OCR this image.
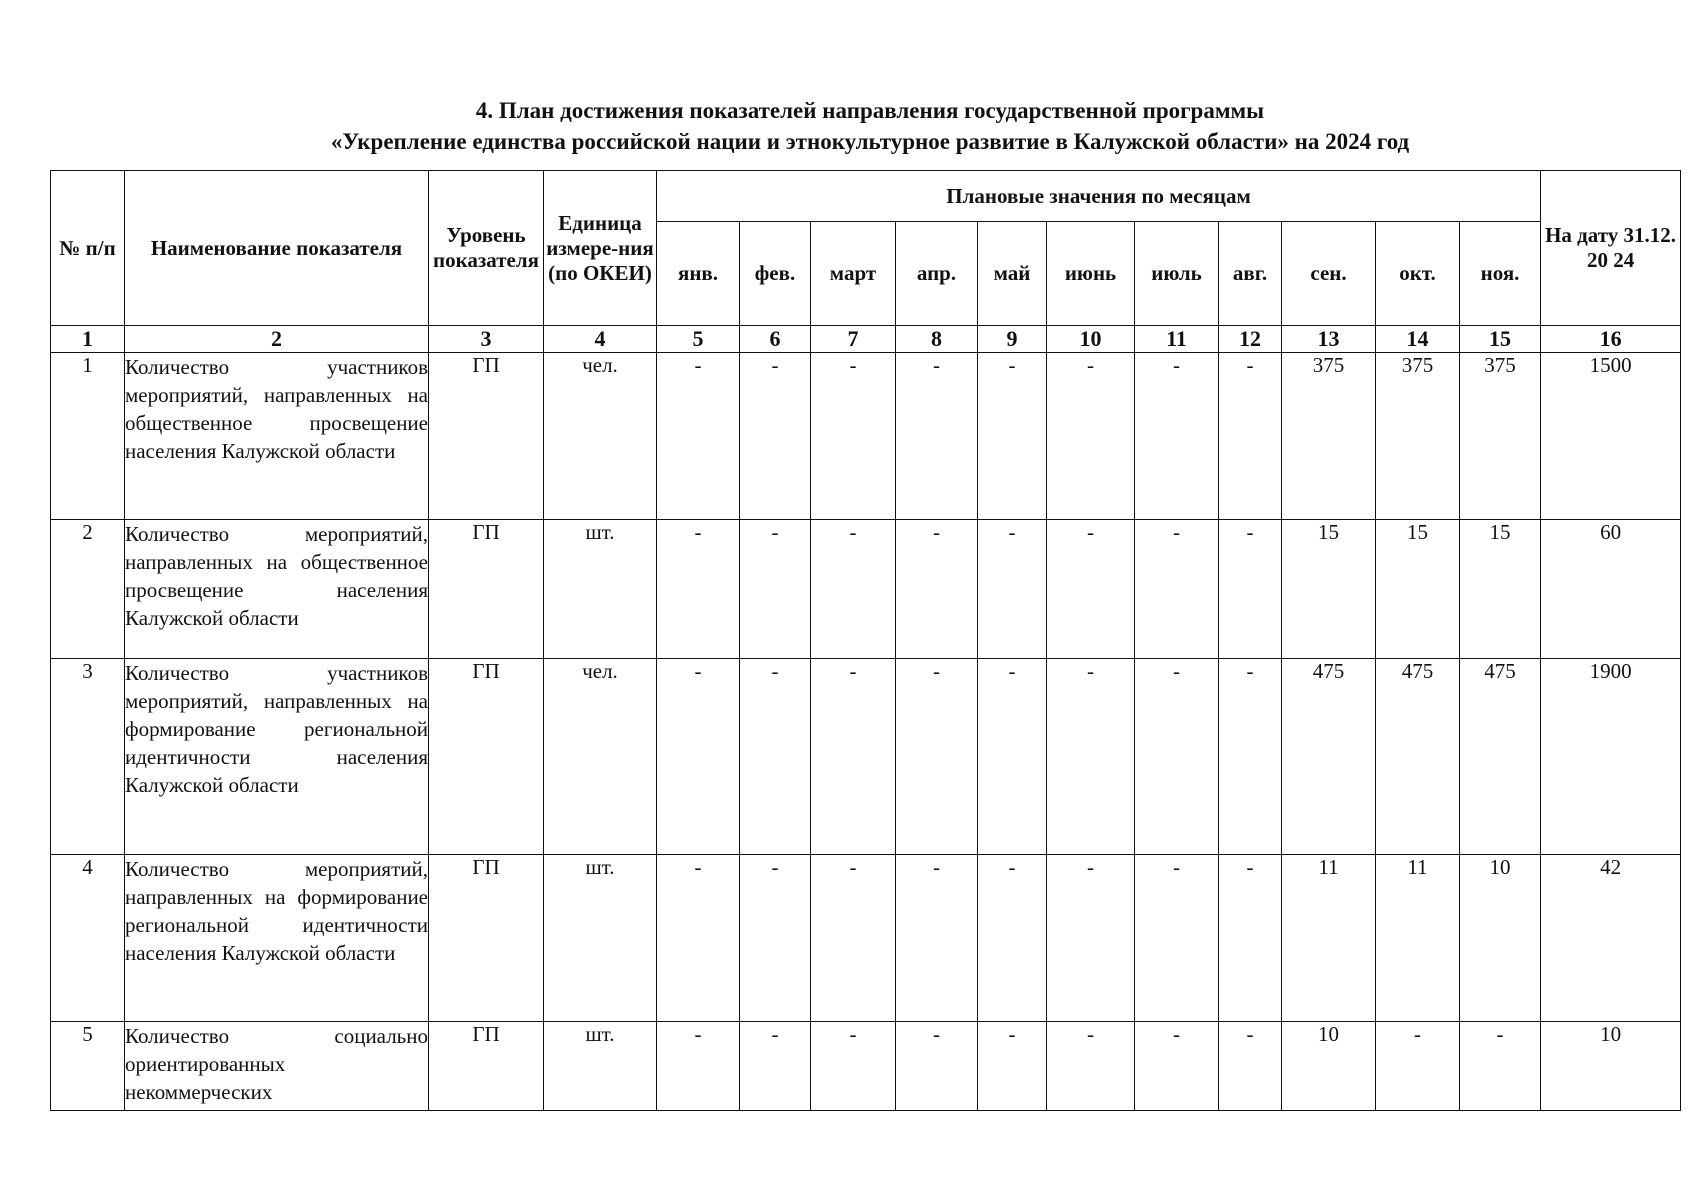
4. План достижения показателей направления государственной программы
«Укрепление единства российской нации и этнокультурное развитие в Калужской области» на 2024 год
№ п/п	Наименование показателя	Уровень показателя	Единица измере-ния (по ОКЕИ)	Плановые значения по месяцам											На дату 31.12. 20 24
				янв.	фев.	март	апр.	май	июнь	июль	авг.	сен.	окт.	ноя.	
1	2	3	4	5	6	7	8	9	10	11	12	13	14	15	16
1	Количество участников мероприятий, направленных на общественное просвещение населения Калужской области	ГП	чел.	-	-	-	-	-	-	-	-	375	375	375	1500
2	Количество мероприятий, направленных на общественное просвещение населения Калужской области	ГП	шт.	-	-	-	-	-	-	-	-	15	15	15	60
3	Количество участников мероприятий, направленных на формирование региональной идентичности населения Калужской области	ГП	чел.	-	-	-	-	-	-	-	-	475	475	475	1900
4	Количество мероприятий, направленных на формирование региональной идентичности населения Калужской области	ГП	шт.	-	-	-	-	-	-	-	-	11	11	10	42
5	Количество социально ориентированных некоммерческих	ГП	шт.	-	-	-	-	-	-	-	-	10	-	-	10
